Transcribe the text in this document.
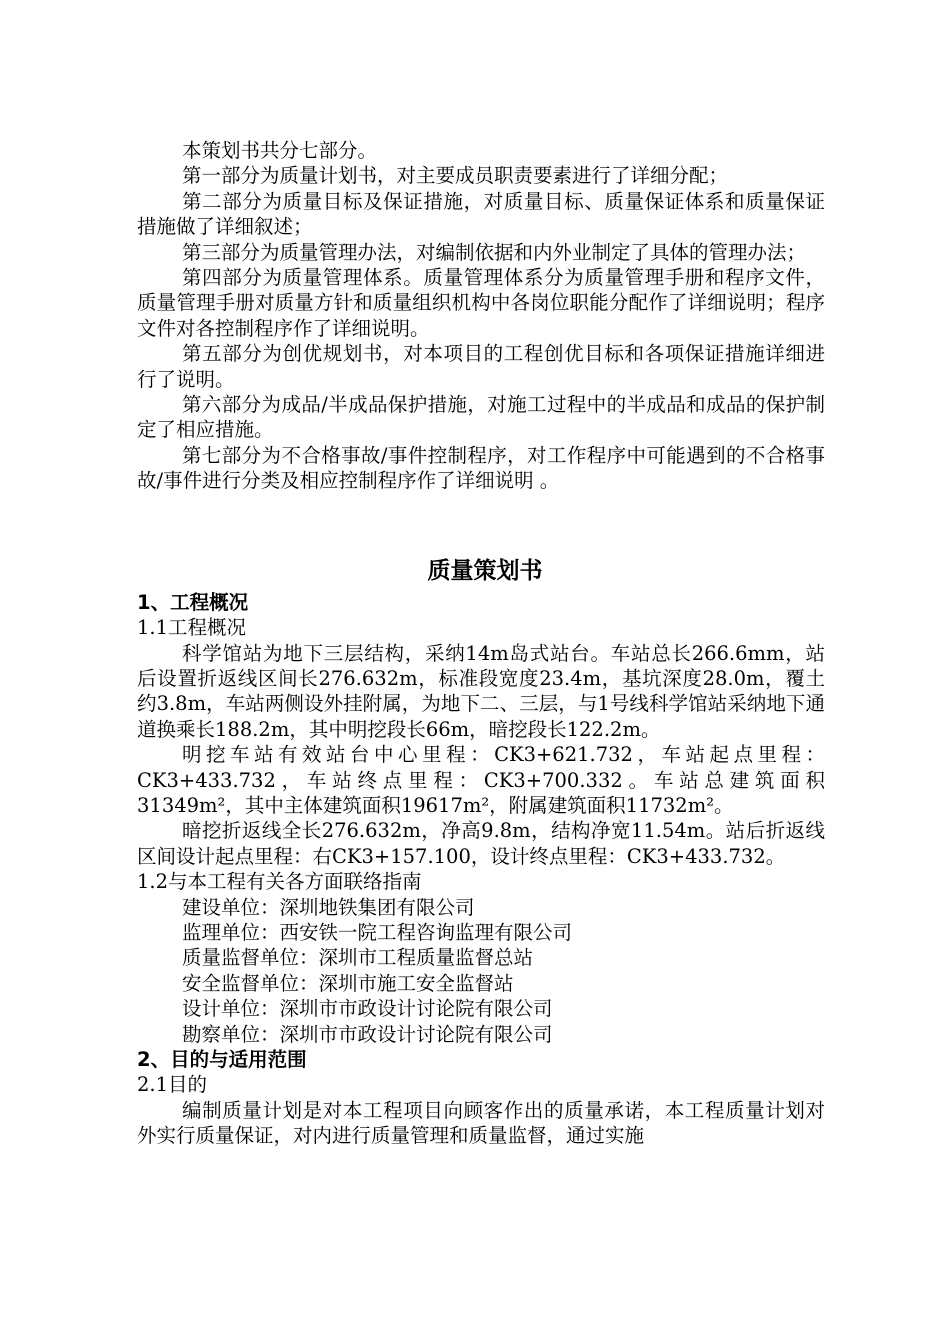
本策划书共分七部分。

第一部分为质量计划书，对主要成员职责要素进行了详细分配；

第二部分为质量目标及保证措施，对质量目标、质量保证体系和质量保证措施做了详细叙述；

第三部分为质量管理办法，对编制依据和内外业制定了具体的管理办法；

第四部分为质量管理体系。质量管理体系分为质量管理手册和程序文件，质量管理手册对质量方针和质量组织机构中各岗位职能分配作了详细说明；程序文件对各控制程序作了详细说明。

第五部分为创优规划书，对本项目的工程创优目标和各项保证措施详细进行了说明。

第六部分为成品/半成品保护措施，对施工过程中的半成品和成品的保护制定了相应措施。

第七部分为不合格事故/事件控制程序，对工作程序中可能遇到的不合格事故/事件进行分类及相应控制程序作了详细说明 。

质量策划书

1、工程概况

1.1工程概况

科学馆站为地下三层结构，采纳14m岛式站台。车站总长266.6mm，站后设置折返线区间长276.632m，标准段宽度23.4m，基坑深度28.0m，覆土约3.8m，车站两侧设外挂附属，为地下二、三层，与1号线科学馆站采纳地下通道换乘长188.2m，其中明挖段长66m，暗挖段长122.2m。

明挖车站有效站台中心里程：CK3+621.732，车站起点里程：CK3+433.732，车站终点里程：CK3+700.332。车站总建筑面积31349m²，其中主体建筑面积19617m²，附属建筑面积11732m²。

暗挖折返线全长276.632m，净高9.8m，结构净宽11.54m。站后折返线区间设计起点里程：右CK3+157.100，设计终点里程：CK3+433.732。

1.2与本工程有关各方面联络指南

建设单位：深圳地铁集团有限公司

监理单位：西安铁一院工程咨询监理有限公司

质量监督单位：深圳市工程质量监督总站

安全监督单位：深圳市施工安全监督站

设计单位：深圳市市政设计讨论院有限公司

勘察单位：深圳市市政设计讨论院有限公司

2、目的与适用范围

2.1目的

编制质量计划是对本工程项目向顾客作出的质量承诺，本工程质量计划对外实行质量保证，对内进行质量管理和质量监督，通过实施
